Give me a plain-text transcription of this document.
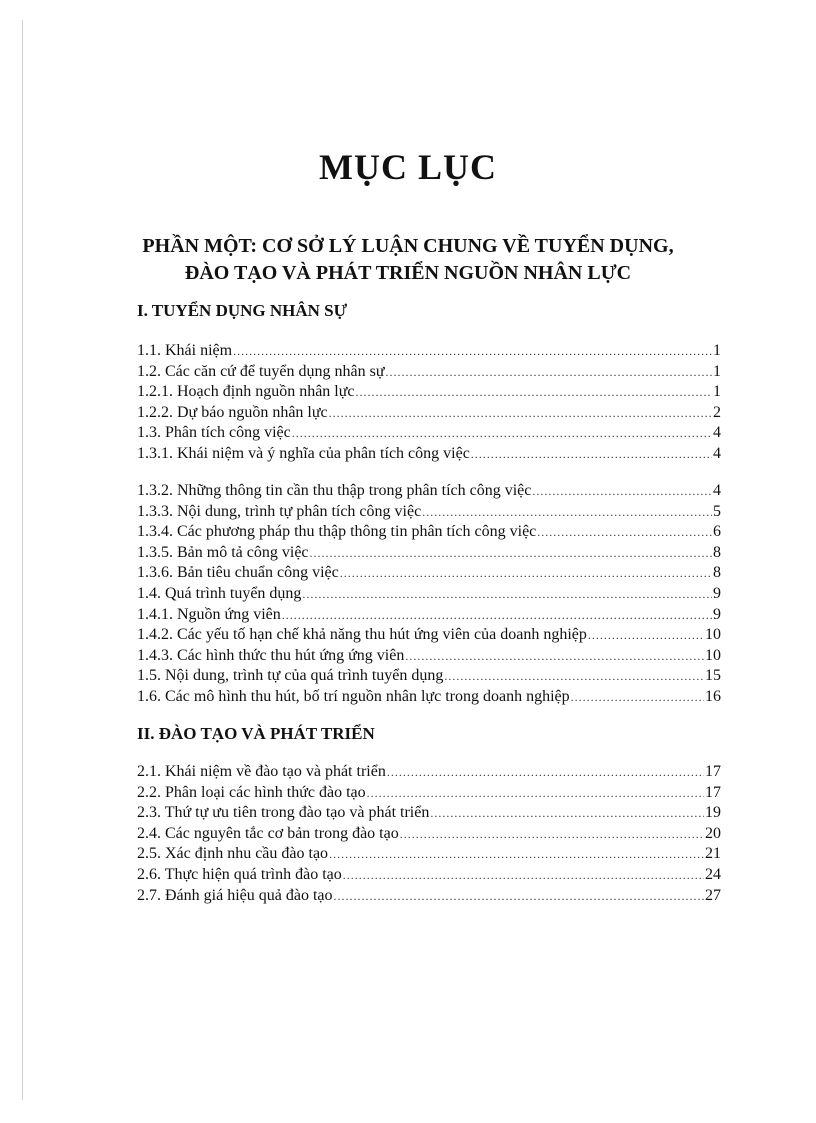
MỤC LỤC
PHẦN MỘT: CƠ SỞ LÝ LUẬN CHUNG VỀ TUYỂN DỤNG,
ĐÀO TẠO VÀ PHÁT TRIỂN NGUỒN NHÂN LỰC
I. TUYỂN DỤNG NHÂN SỰ
1.1. Khái niệm .....	1
1.2. Các căn cứ để tuyển dụng nhân sự .....	1
1.2.1. Hoạch định nguồn nhân lực .....	1
1.2.2. Dự báo nguồn nhân lực .....	2
1.3. Phân tích công việc .....	4
1.3.1. Khái niệm và ý nghĩa của phân tích công việc .....	4
1.3.2. Những thông tin cần thu thập trong phân tích công việc .....	4
1.3.3. Nội dung, trình tự phân tích công việc .....	5
1.3.4. Các phương pháp thu thập thông tin phân tích công việc .....	6
1.3.5. Bản mô tả công việc .....	8
1.3.6. Bản tiêu chuẩn công việc .....	8
1.4. Quá trình tuyển dụng .....	9
1.4.1. Nguồn ứng viên .....	9
1.4.2. Các yếu tố hạn chế khả năng thu hút ứng viên của doanh nghiệp .....	10
1.4.3. Các hình thức thu hút ứng ứng viên .....	10
1.5. Nội dung, trình tự của quá trình tuyển dụng .....	15
1.6. Các mô hình thu hút, bố trí nguồn nhân lực trong doanh nghiệp .....	16
II. ĐÀO TẠO VÀ PHÁT TRIỂN
2.1. Khái niệm về đào tạo và phát triển .....	17
2.2. Phân loại các hình thức đào tạo .....	17
2.3. Thứ tự ưu tiên trong đào tạo và phát triển .....	19
2.4. Các nguyên tắc cơ bản trong đào tạo .....	20
2.5. Xác định nhu cầu đào tạo .....	21
2.6. Thực hiện quá trình đào tạo .....	24
2.7. Đánh giá hiệu quả đào tạo .....	27
